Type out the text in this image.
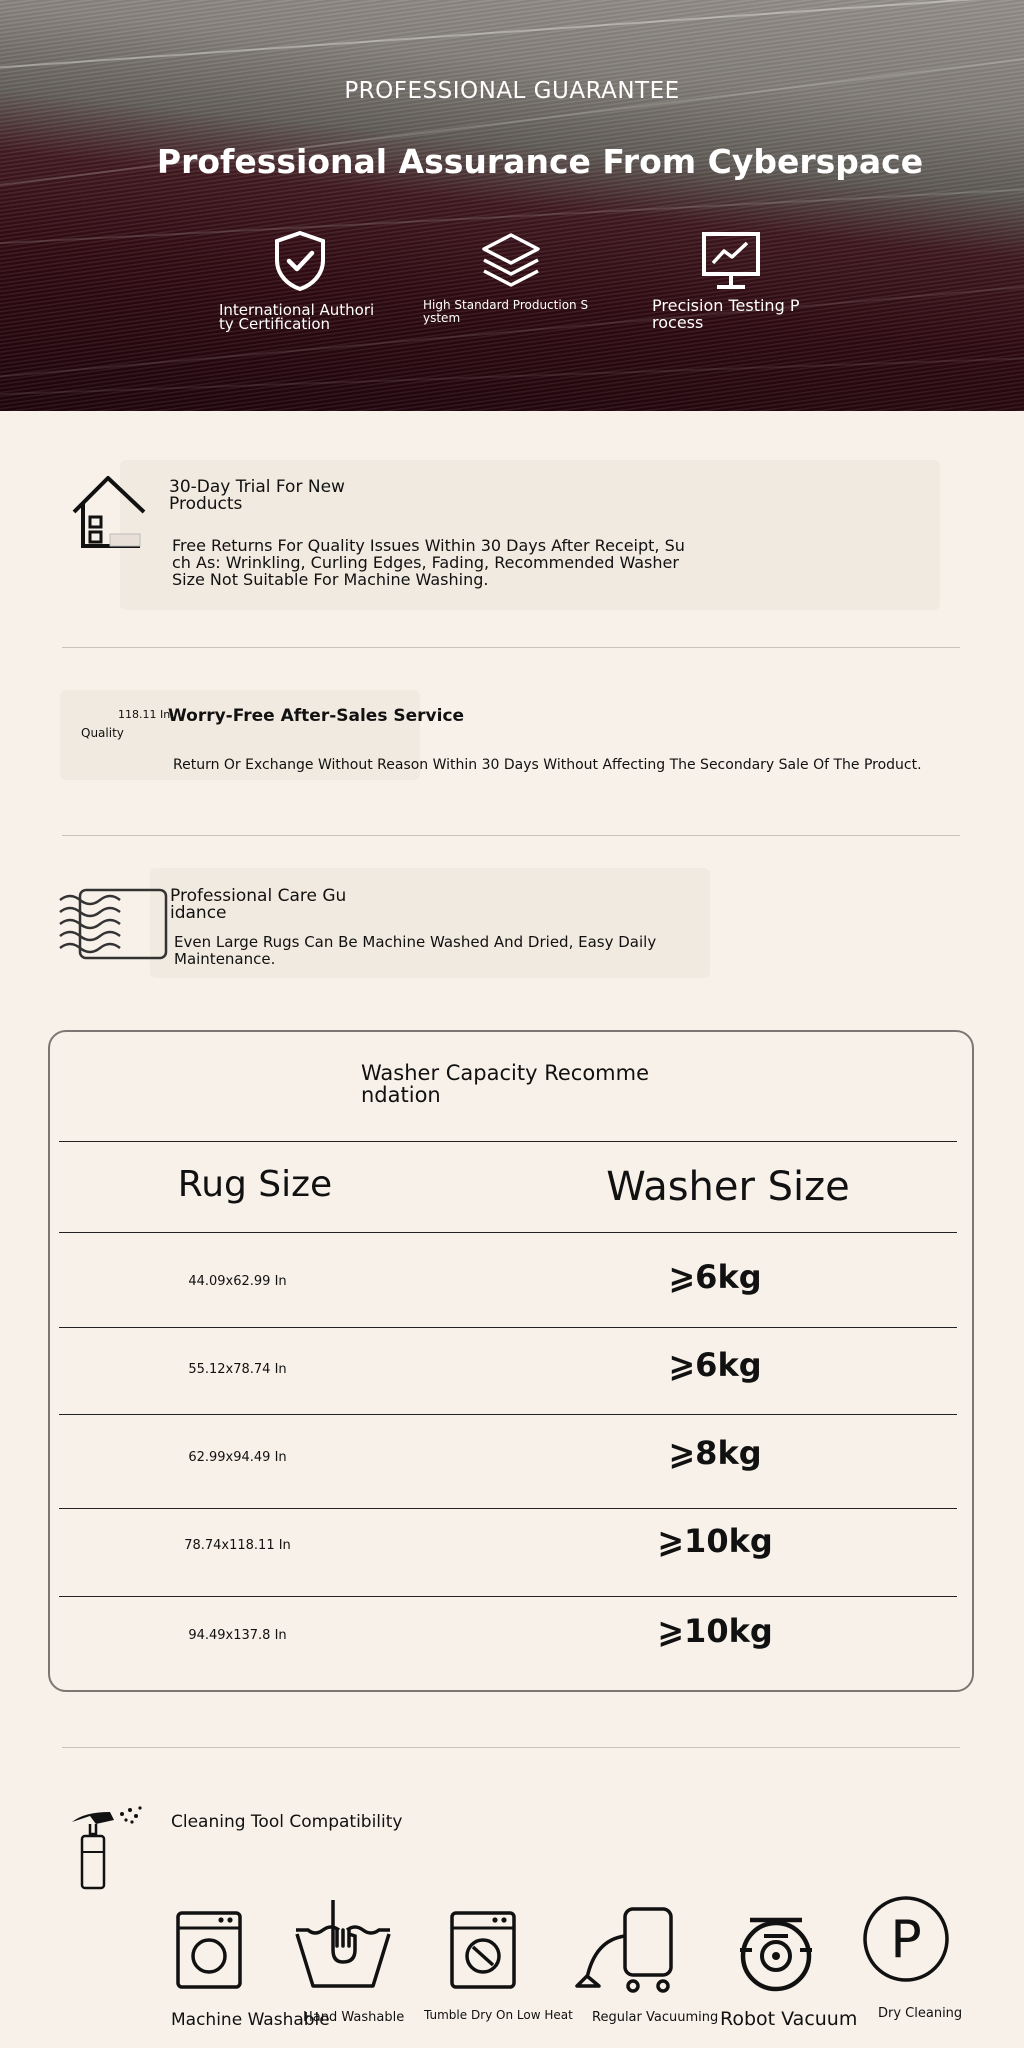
PROFESSIONAL GUARANTEE
Professional Assurance From Cyberspace
International Authori
ty Certification
High Standard Production S
ystem
Precision Testing P
rocess
30-Day Trial For New
Products
Free Returns For Quality Issues Within 30 Days After Receipt, Su
ch As: Wrinkling, Curling Edges, Fading, Recommended Washer
Size Not Suitable For Machine Washing.
118.11 In
Quality
Worry-Free After-Sales Service
Return Or Exchange Without Reason Within 30 Days Without Affecting The Secondary Sale Of The Product.
Professional Care Gu
idance
Even Large Rugs Can Be Machine Washed And Dried, Easy Daily
Maintenance.
Washer Capacity Recomme
ndation
Rug Size	Washer Size
44.09x62.99 In	⩾6kg
55.12x78.74 In	⩾6kg
62.99x94.49 In	⩾8kg
78.74x118.11 In	⩾10kg
94.49x137.8 In	⩾10kg
Cleaning Tool Compatibility
Machine Washable
Hand Washable Tumble Dry On Low Heat Regular Vacuuming Robot Vacuum
P
Dry Cleaning
